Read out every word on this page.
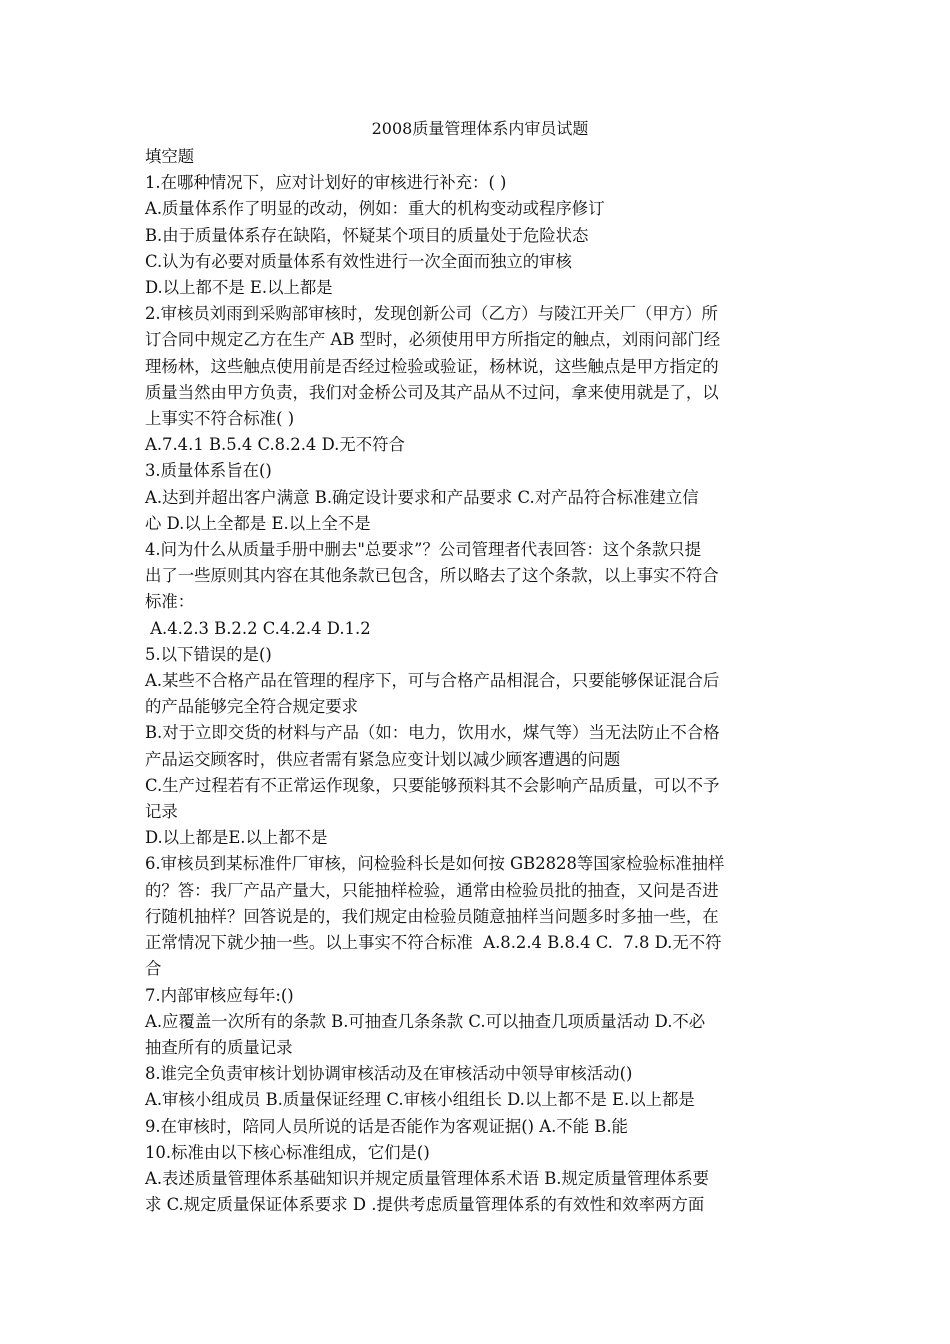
2008质量管理体系内审员试题
填空题
1.在哪种情况下，应对计划好的审核进行补充：( )
A.质量体系作了明显的改动，例如：重大的机构变动或程序修订
B.由于质量体系存在缺陷，怀疑某个项目的质量处于危险状态
C.认为有必要对质量体系有效性进行一次全面而独立的审核
D.以上都不是 E.以上都是
2.审核员刘雨到采购部审核时，发现创新公司（乙方）与陵江开关厂（甲方）所
订合同中规定乙方在生产 AB 型时，必须使用甲方所指定的触点，刘雨问部门经
理杨林，这些触点使用前是否经过检验或验证，杨林说，这些触点是甲方指定的
质量当然由甲方负责，我们对金桥公司及其产品从不过问，拿来使用就是了，以
上事实不符合标准( )
A.7.4.1 B.5.4 C.8.2.4 D.无不符合
3.质量体系旨在()
A.达到并超出客户满意 B.确定设计要求和产品要求 C.对产品符合标准建立信
心 D.以上全都是 E.以上全不是
4.问为什么从质量手册中删去"总要求”？公司管理者代表回答：这个条款只提
出了一些原则其内容在其他条款已包含，所以略去了这个条款，以上事实不符合
标准：
A.4.2.3 B.2.2 C.4.2.4 D.1.2
5.以下错误的是()
A.某些不合格产品在管理的程序下，可与合格产品相混合，只要能够保证混合后
的产品能够完全符合规定要求
B.对于立即交货的材料与产品（如：电力，饮用水，煤气等）当无法防止不合格
产品运交顾客时，供应者需有紧急应变计划以减少顾客遭遇的问题
C.生产过程若有不正常运作现象，只要能够预料其不会影响产品质量，可以不予
记录
D.以上都是E.以上都不是
6.审核员到某标准件厂审核，问检验科长是如何按 GB2828等国家检验标准抽样
的？答：我厂产品产量大，只能抽样检验，通常由检验员批的抽查，又问是否进
行随机抽样？回答说是的，我们规定由检验员随意抽样当问题多时多抽一些，在
正常情况下就少抽一些。以上事实不符合标准  A.8.2.4 B.8.4 C.  7.8 D.无不符
合
7.内部审核应每年:()
A.应覆盖一次所有的条款 B.可抽查几条条款 C.可以抽查几项质量活动 D.不必
抽查所有的质量记录
8.谁完全负责审核计划协调审核活动及在审核活动中领导审核活动()
A.审核小组成员 B.质量保证经理 C.审核小组组长 D.以上都不是 E.以上都是
9.在审核时，陪同人员所说的话是否能作为客观证据() A.不能 B.能
10.标准由以下核心标准组成，它们是()
A.表述质量管理体系基础知识并规定质量管理体系术语 B.规定质量管理体系要
求 C.规定质量保证体系要求 D .提供考虑质量管理体系的有效性和效率两方面
